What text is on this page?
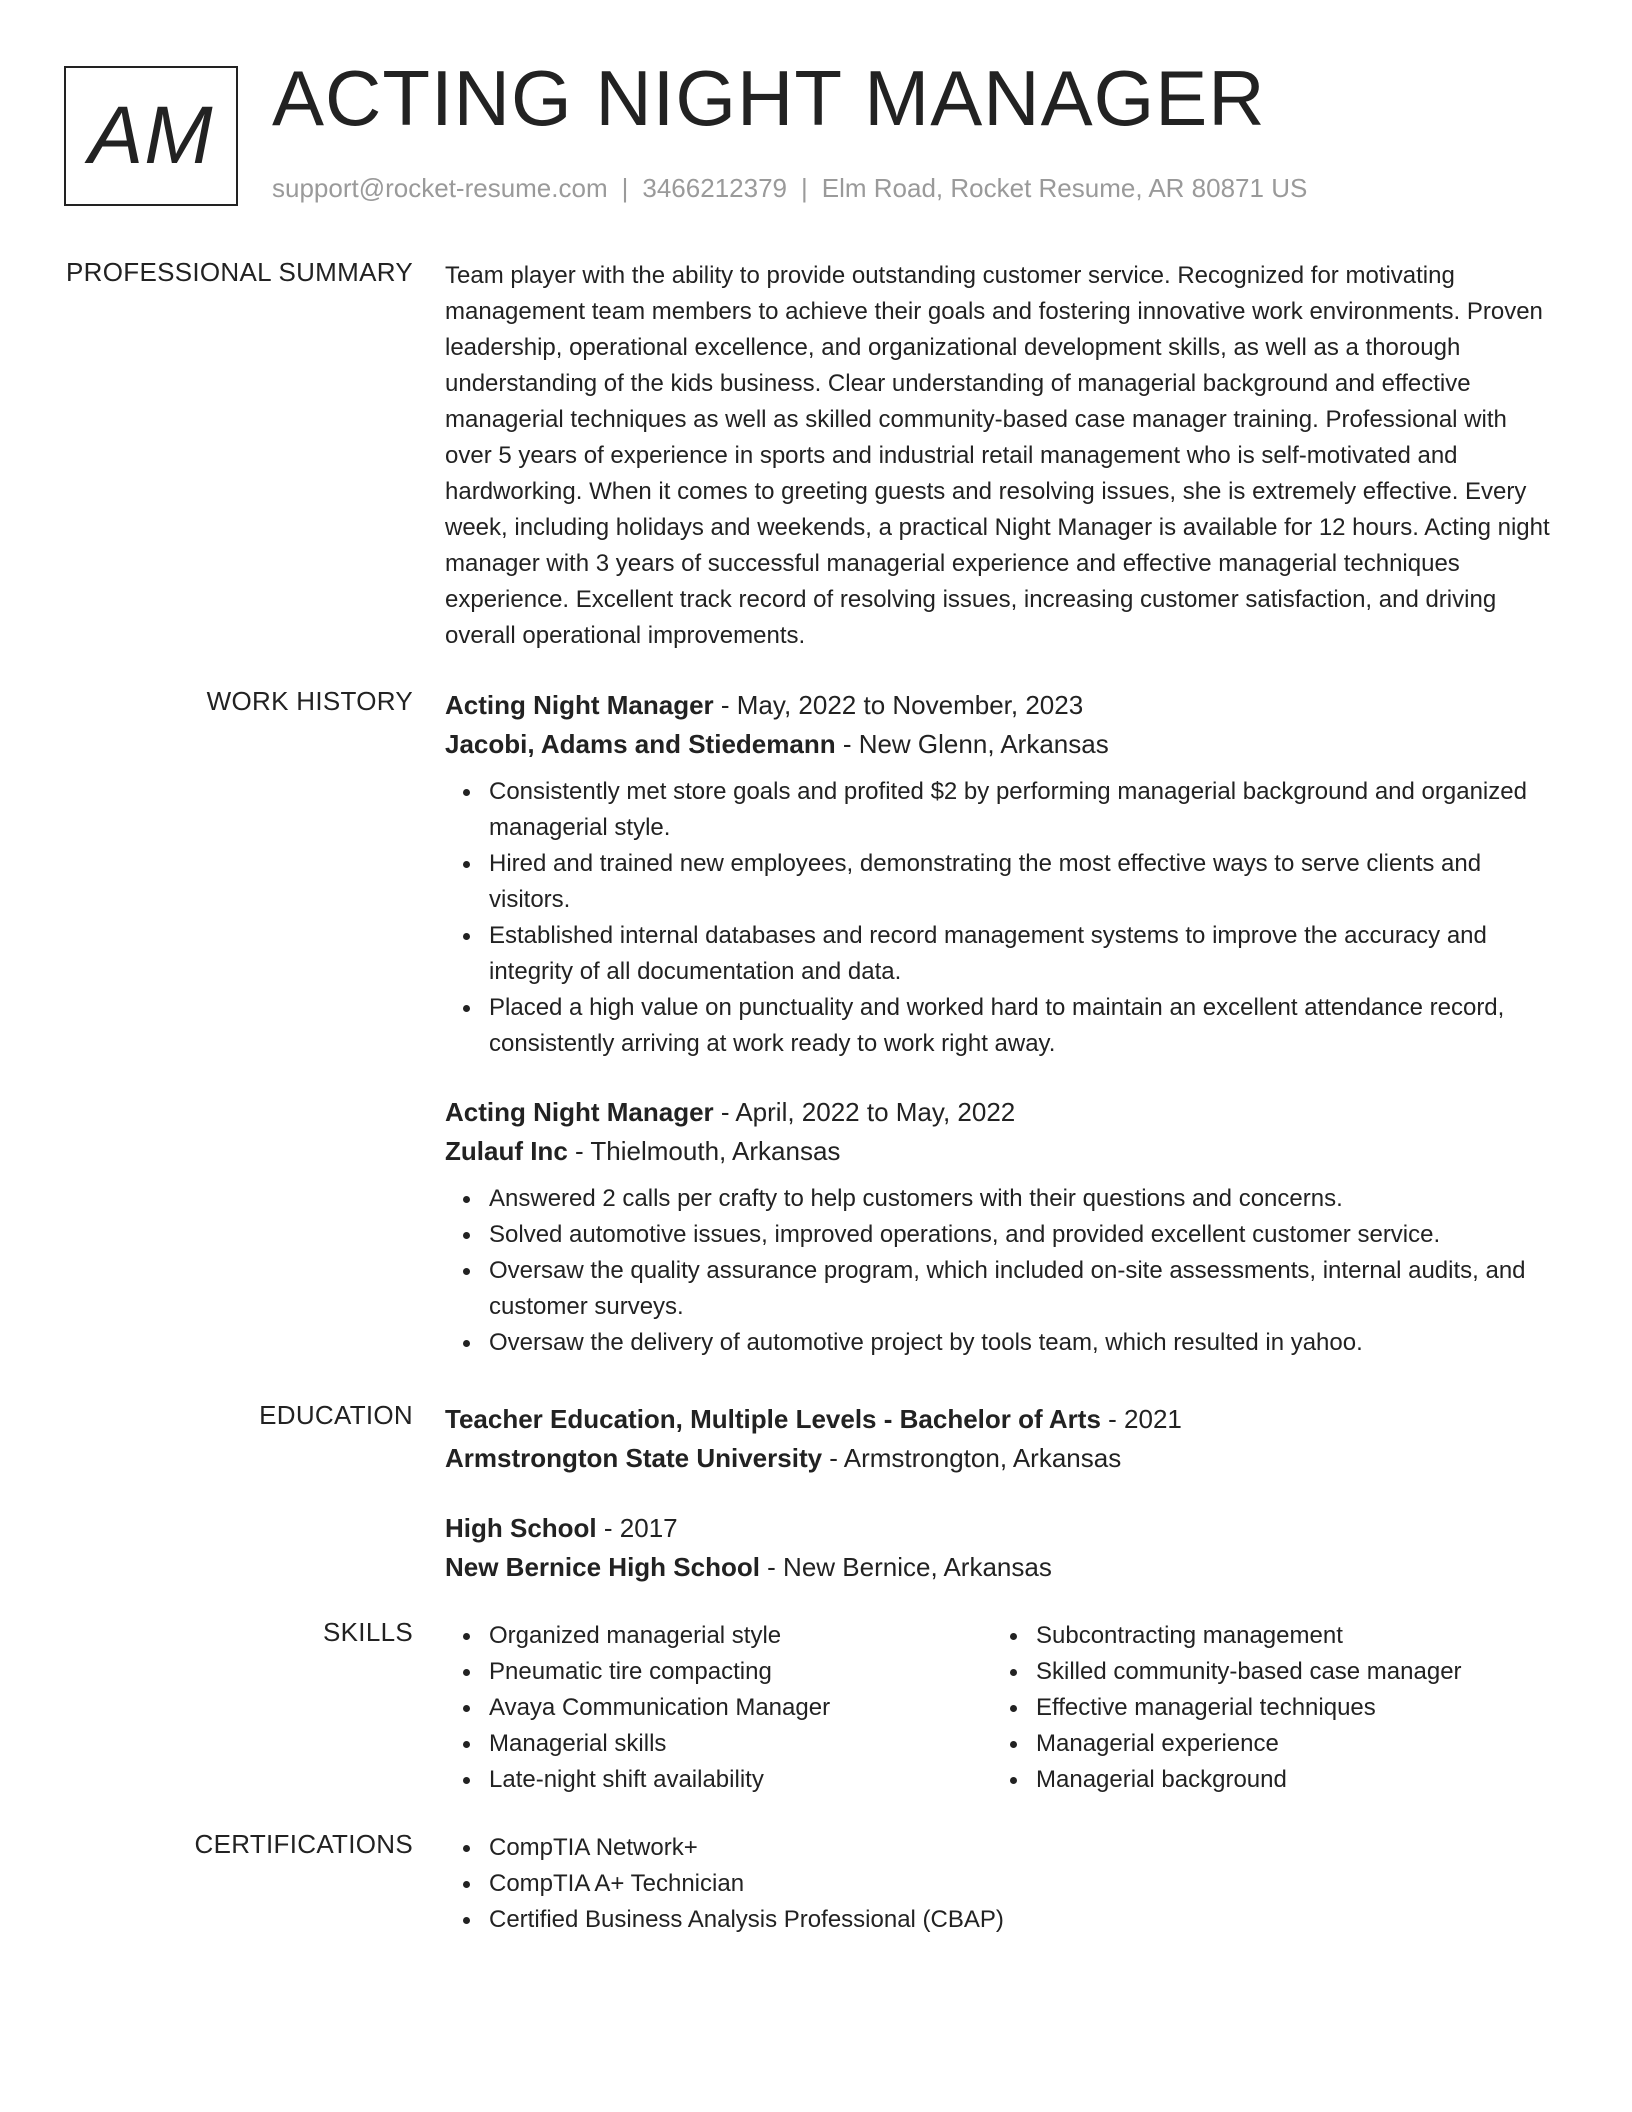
AM ACTING NIGHT MANAGER
support@rocket-resume.com | 3466212379 | Elm Road, Rocket Resume, AR 80871 US
PROFESSIONAL SUMMARY Team player with the ability to provide outstanding customer service. Recognized for motivating management team members to achieve their goals and fostering innovative work environments. Proven leadership, operational excellence, and organizational development skills, as well as a thorough understanding of the kids business. Clear understanding of managerial background and effective managerial techniques as well as skilled community-based case manager training. Professional with over 5 years of experience in sports and industrial retail management who is self-motivated and hardworking. When it comes to greeting guests and resolving issues, she is extremely effective. Every week, including holidays and weekends, a practical Night Manager is available for 12 hours. Acting night manager with 3 years of successful managerial experience and effective managerial techniques experience. Excellent track record of resolving issues, increasing customer satisfaction, and driving overall operational improvements.

WORK HISTORY Acting Night Manager - May, 2022 to November, 2023
Jacobi, Adams and Stiedemann - New Glenn, Arkansas
Consistently met store goals and profited $2 by performing managerial background and organized managerial style.
Hired and trained new employees, demonstrating the most effective ways to serve clients and visitors.
Established internal databases and record management systems to improve the accuracy and integrity of all documentation and data.
Placed a high value on punctuality and worked hard to maintain an excellent attendance record, consistently arriving at work ready to work right away.
Acting Night Manager - April, 2022 to May, 2022
Zulauf Inc - Thielmouth, Arkansas
Answered 2 calls per crafty to help customers with their questions and concerns.
Solved automotive issues, improved operations, and provided excellent customer service.
Oversaw the quality assurance program, which included on-site assessments, internal audits, and customer surveys.
Oversaw the delivery of automotive project by tools team, which resulted in yahoo.
EDUCATION Teacher Education, Multiple Levels - Bachelor of Arts - 2021
Armstrongton State University - Armstrongton, Arkansas
High School - 2017
New Bernice High School - New Bernice, Arkansas
SKILLS	Organized managerial style
Pneumatic tire compacting
Avaya Communication Manager
Managerial skills
Late-night shift availability
Subcontracting management
Skilled community-based case manager
Effective managerial techniques
Managerial experience
Managerial background
CERTIFICATIONS	CompTIA Network+
CompTIA A+ Technician
Certified Business Analysis Professional (CBAP)
